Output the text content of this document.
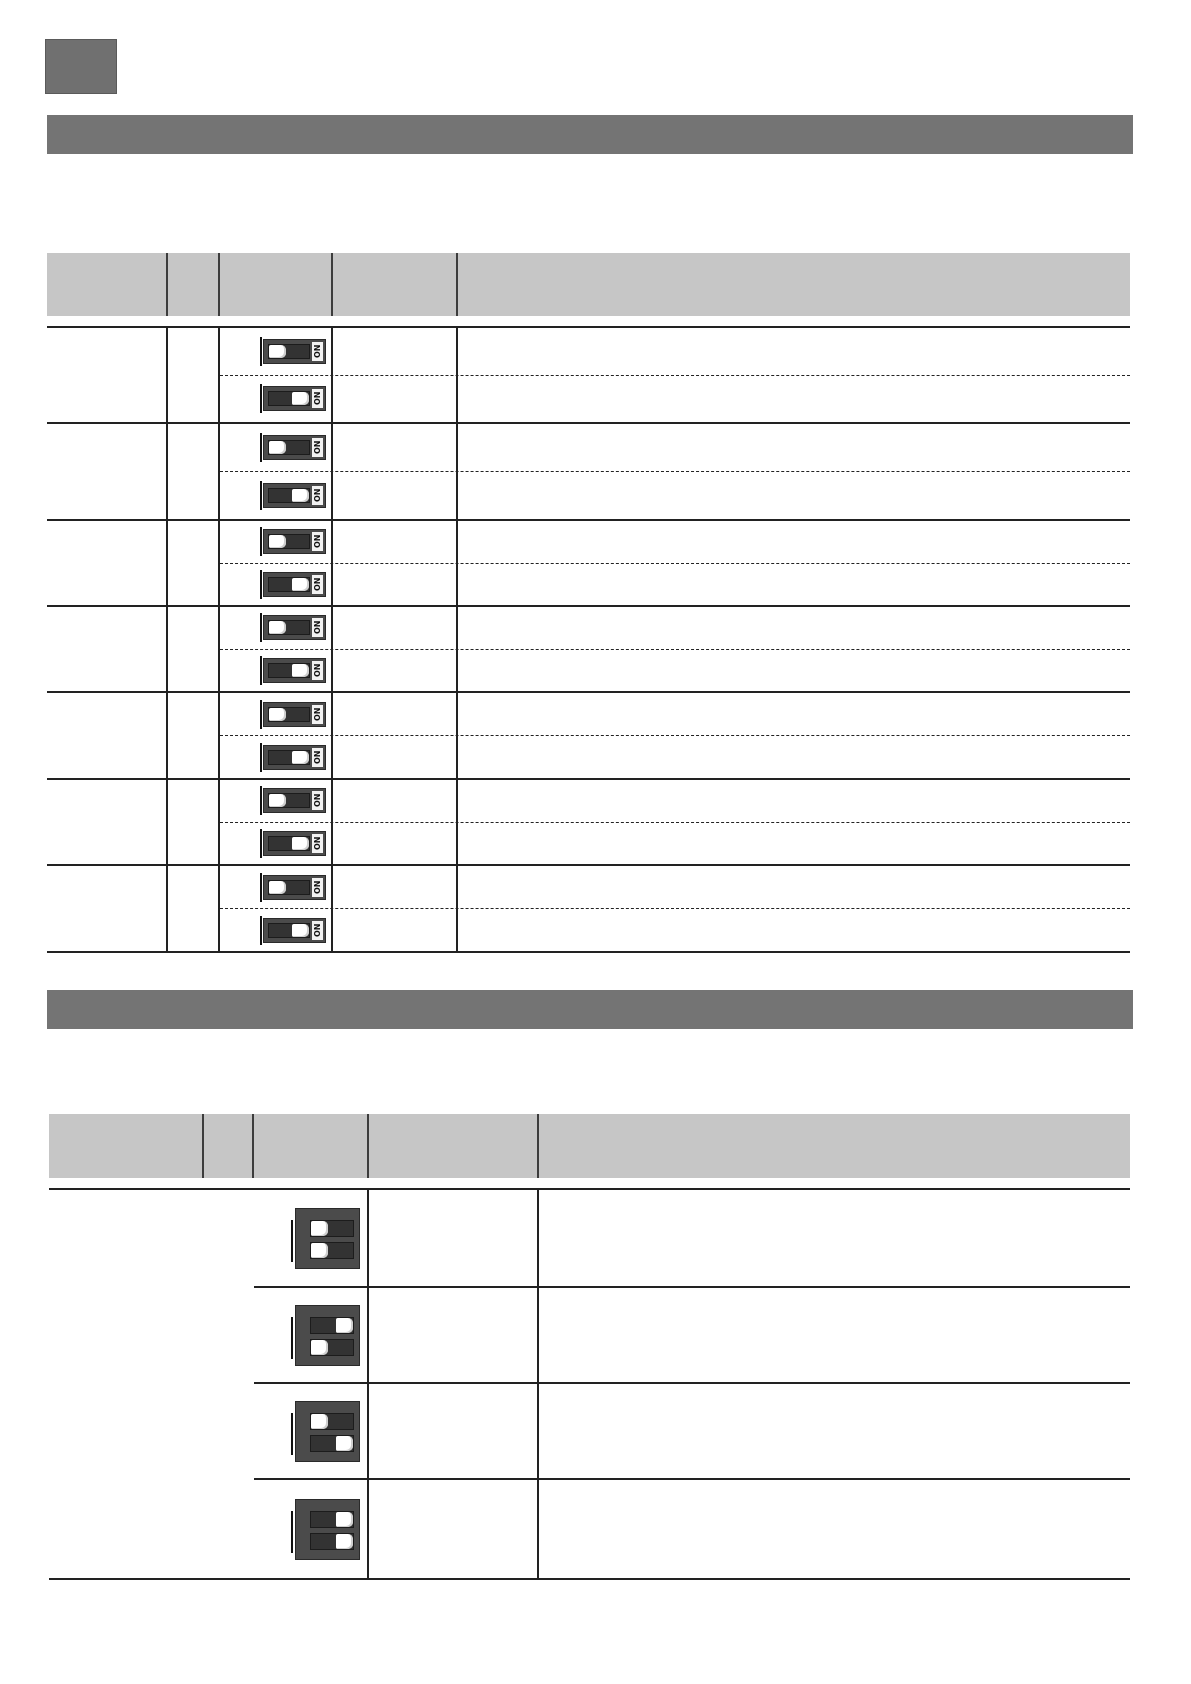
ON
ON
ON
ON
ON
ON
ON
ON
ON
ON
ON
ON
ON
ON
